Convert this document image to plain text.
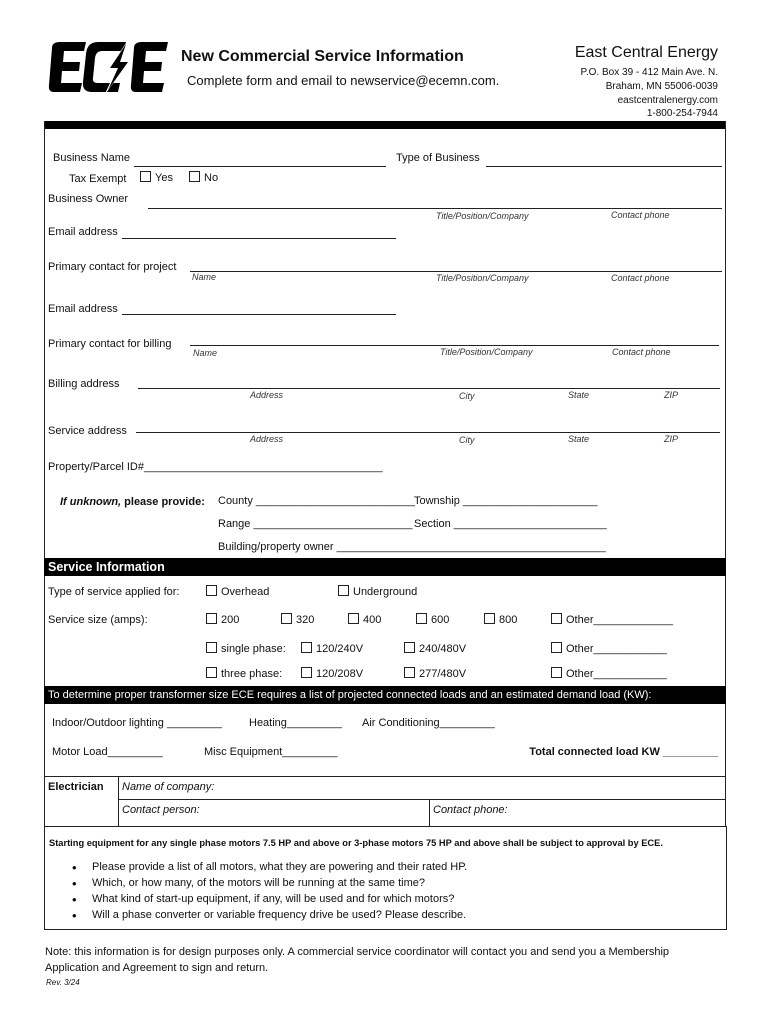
New Commercial Service Information
Complete form and email to newservice@ecemn.com.
East Central Energy
P.O. Box 39 - 412 Main Ave. N.
Braham, MN 55006-0039
eastcentralenergy.com
1-800-254-7944
Business Name	Type of Business
Tax Exempt	Yes	No
Business Owner
Title/Position/Company	Contact phone
Email address
Primary contact for project
Name	Title/Position/Company	Contact phone
Email address
Primary contact for billing
Name	Title/Position/Company	Contact phone
Billing address
Address	City	State	ZIP
Service address
Address	City	State	ZIP
Property/Parcel ID#_______________________________________
If unknown, please provide: County __________________________ Township ______________________
Range __________________________ Section _________________________
Building/property owner ____________________________________________
Service Information
Type of service applied for:	Overhead	Underground
Service size (amps):	200	320	400	600	800	Other_____________
single phase:	120/240V	240/480V	Other____________
three phase:	120/208V	277/480V	Other____________
To determine proper transformer size ECE requires a list of projected connected loads and an estimated demand load (KW):
Indoor/Outdoor lighting _________ Heating_________ Air Conditioning_________
Motor Load_________	Misc Equipment_________	Total connected load KW _________
Electrician Name of company:
Contact person:	Contact phone:
Starting equipment for any single phase motors 7.5 HP and above or 3-phase motors 75 HP and above shall be subject to approval by ECE.
• Please provide a list of all motors, what they are powering and their rated HP.
• Which, or how many, of the motors will be running at the same time?
• What kind of start-up equipment, if any, will be used and for which motors?
• Will a phase converter or variable frequency drive be used? Please describe.
Note: this information is for design purposes only. A commercial service coordinator will contact you and send you a Membership
Application and Agreement to sign and return.
Rev. 3/24
